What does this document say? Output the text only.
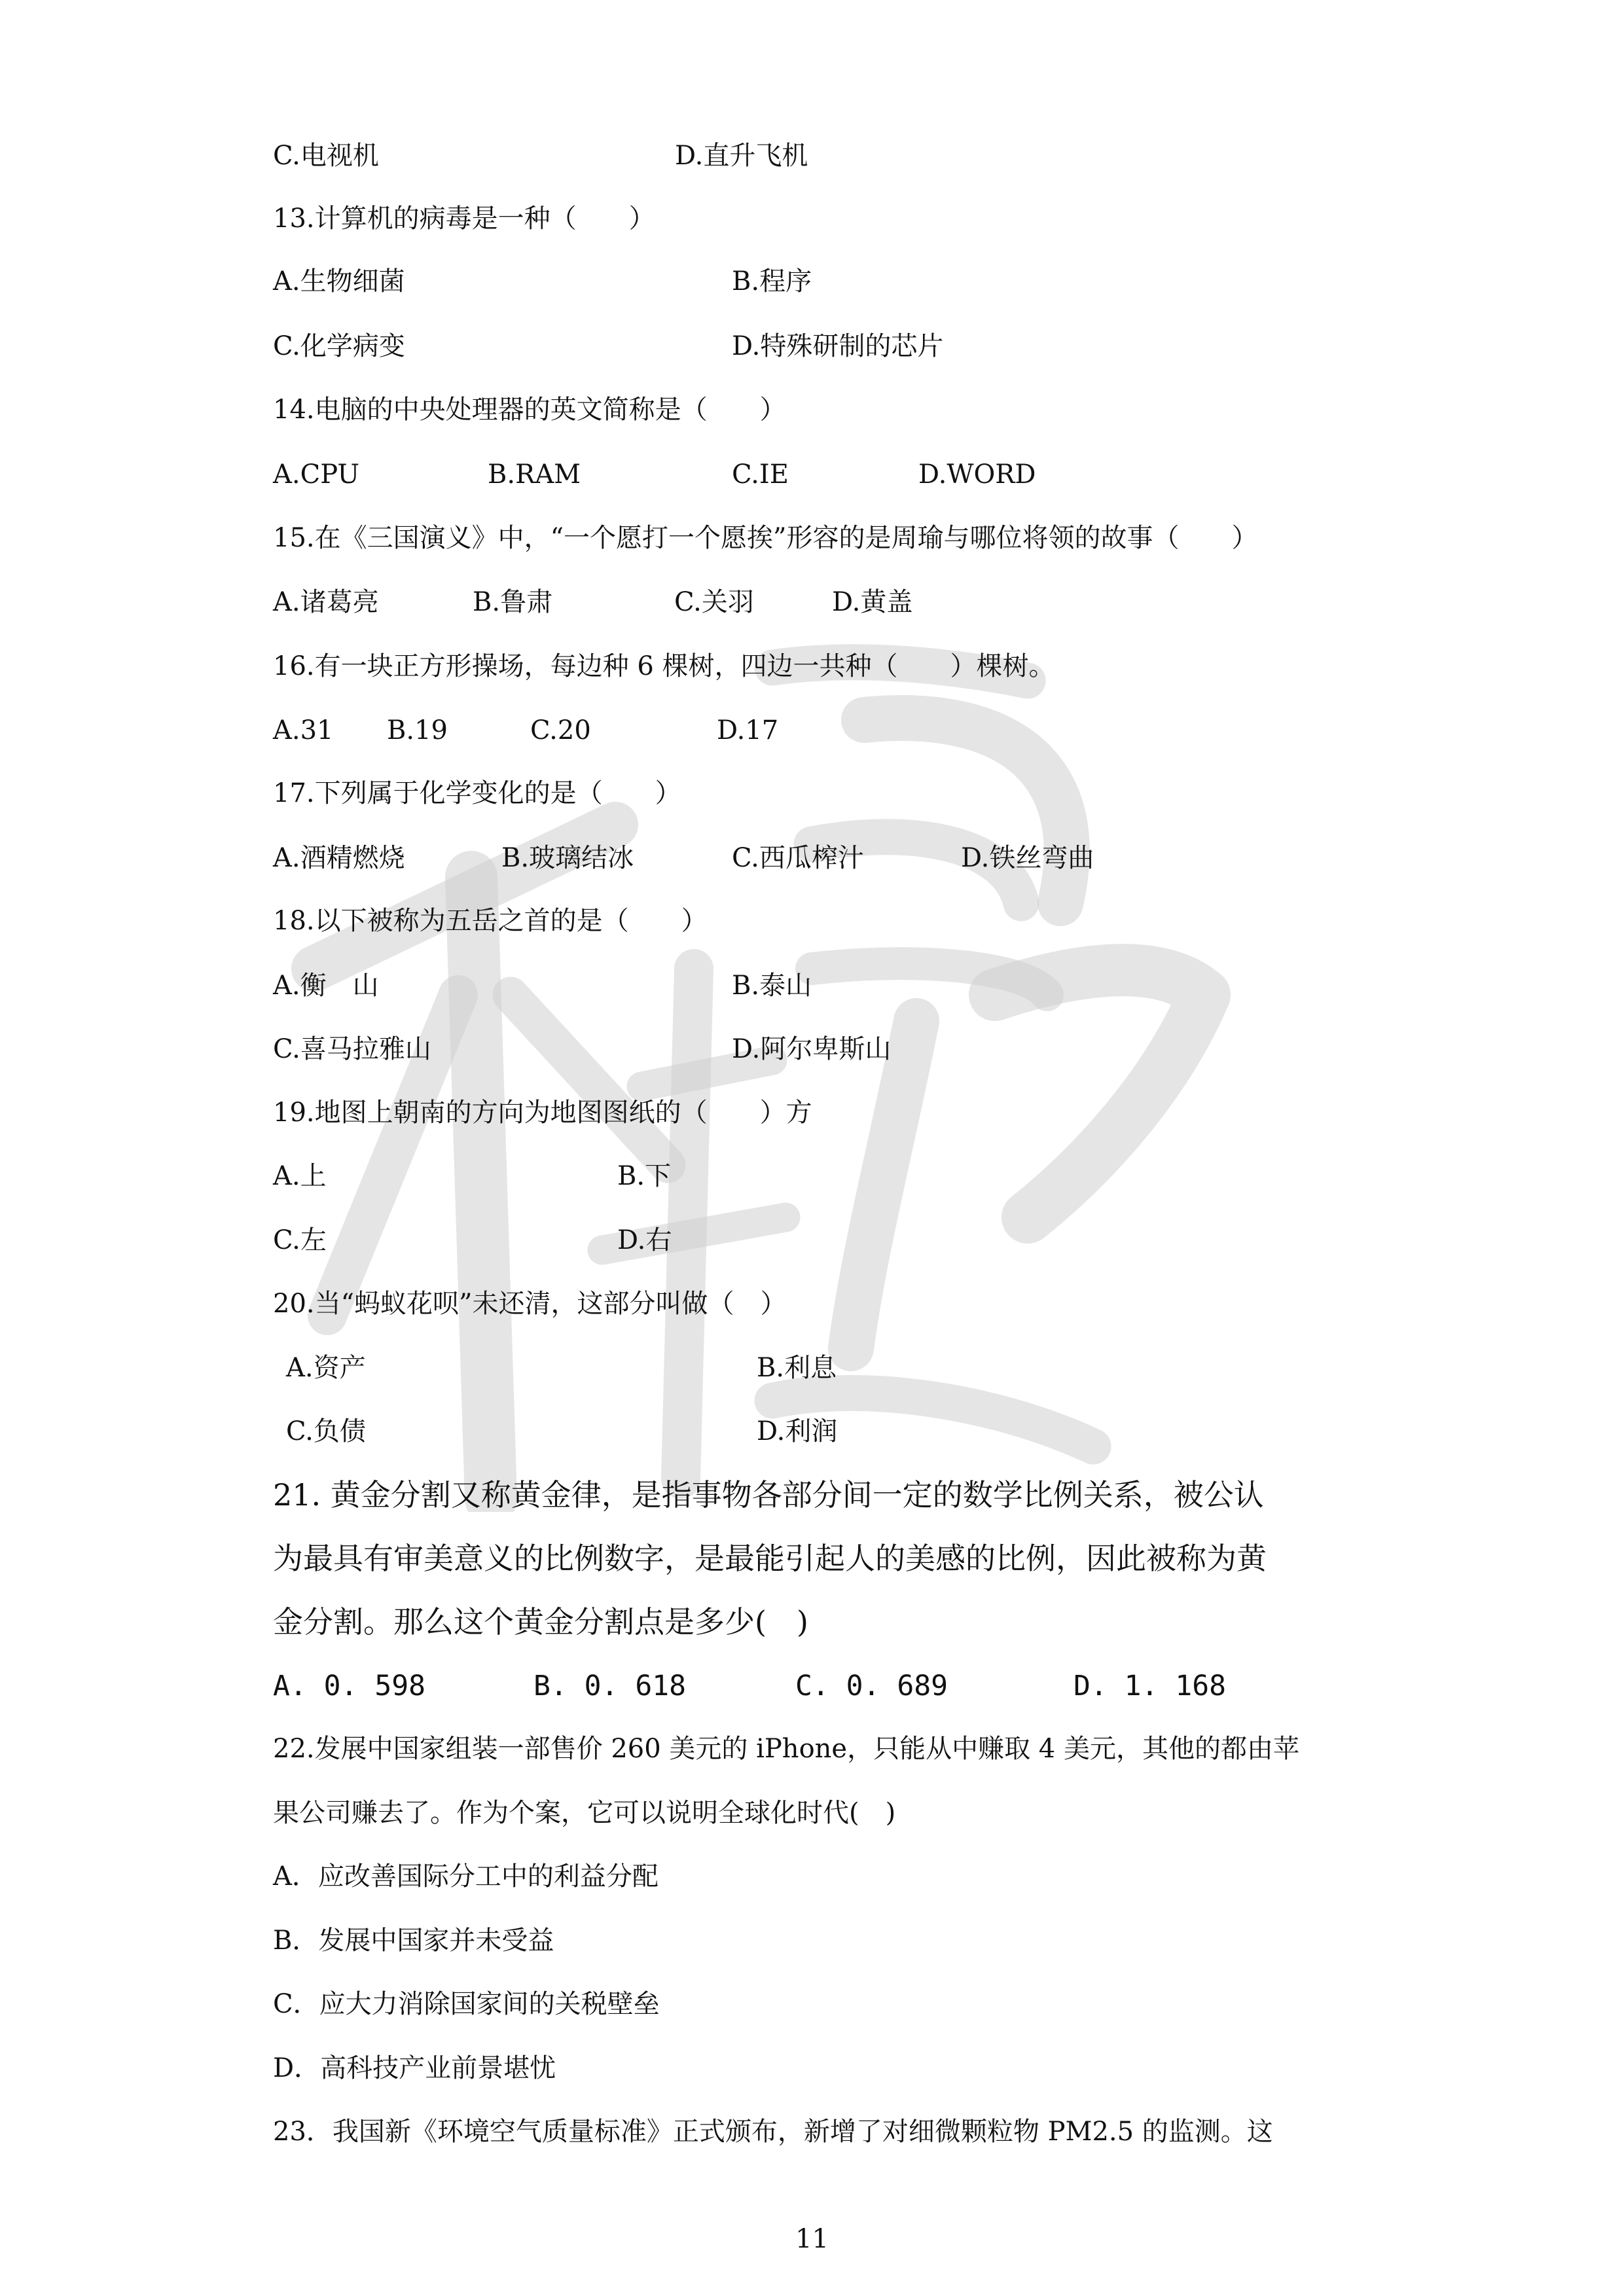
C.电视机	D.直升飞机
13.计算机的病毒是一种（　　）
A.生物细菌	B.程序
C.化学病变	D.特殊研制的芯片
14.电脑的中央处理器的英文简称是（　　）
A.CPU	B.RAM	C.IE	D.WORD
15.在《三国演义》中，“一个愿打一个愿挨”形容的是周瑜与哪位将领的故事（　　）
A.诸葛亮	B.鲁肃	C.关羽	D.黄盖
16.有一块正方形操场，每边种 6 棵树，四边一共种（　　）棵树。
A.31 B.19	C.20	D.17
17.下列属于化学变化的是（　　）
A.酒精燃烧	B.玻璃结冰	C.西瓜榨汁	D.铁丝弯曲
18.以下被称为五岳之首的是（　　）
A.衡　山	B.泰山
C.喜马拉雅山	D.阿尔卑斯山
19.地图上朝南的方向为地图图纸的（　　）方
A.上	B.下
C.左	D.右
20.当“蚂蚁花呗”未还清，这部分叫做（　）
A.资产	B.利息
C.负债	D.利润
21. 黄金分割又称黄金律，是指事物各部分间一定的数学比例关系，被公认
为最具有审美意义的比例数字，是最能引起人的美感的比例，因此被称为黄
金分割。那么这个黄金分割点是多少(　)
A. 0. 598	B. 0. 618	C. 0. 689	D. 1. 168
22.发展中国家组装一部售价 260 美元的 iPhone，只能从中赚取 4 美元，其他的都由苹
果公司赚去了。作为个案，它可以说明全球化时代(　)
A．应改善国际分工中的利益分配
B．发展中国家并未受益
C．应大力消除国家间的关税壁垒
D．高科技产业前景堪忧
23．我国新《环境空气质量标准》正式颁布，新增了对细微颗粒物 PM2.5 的监测。这
11
